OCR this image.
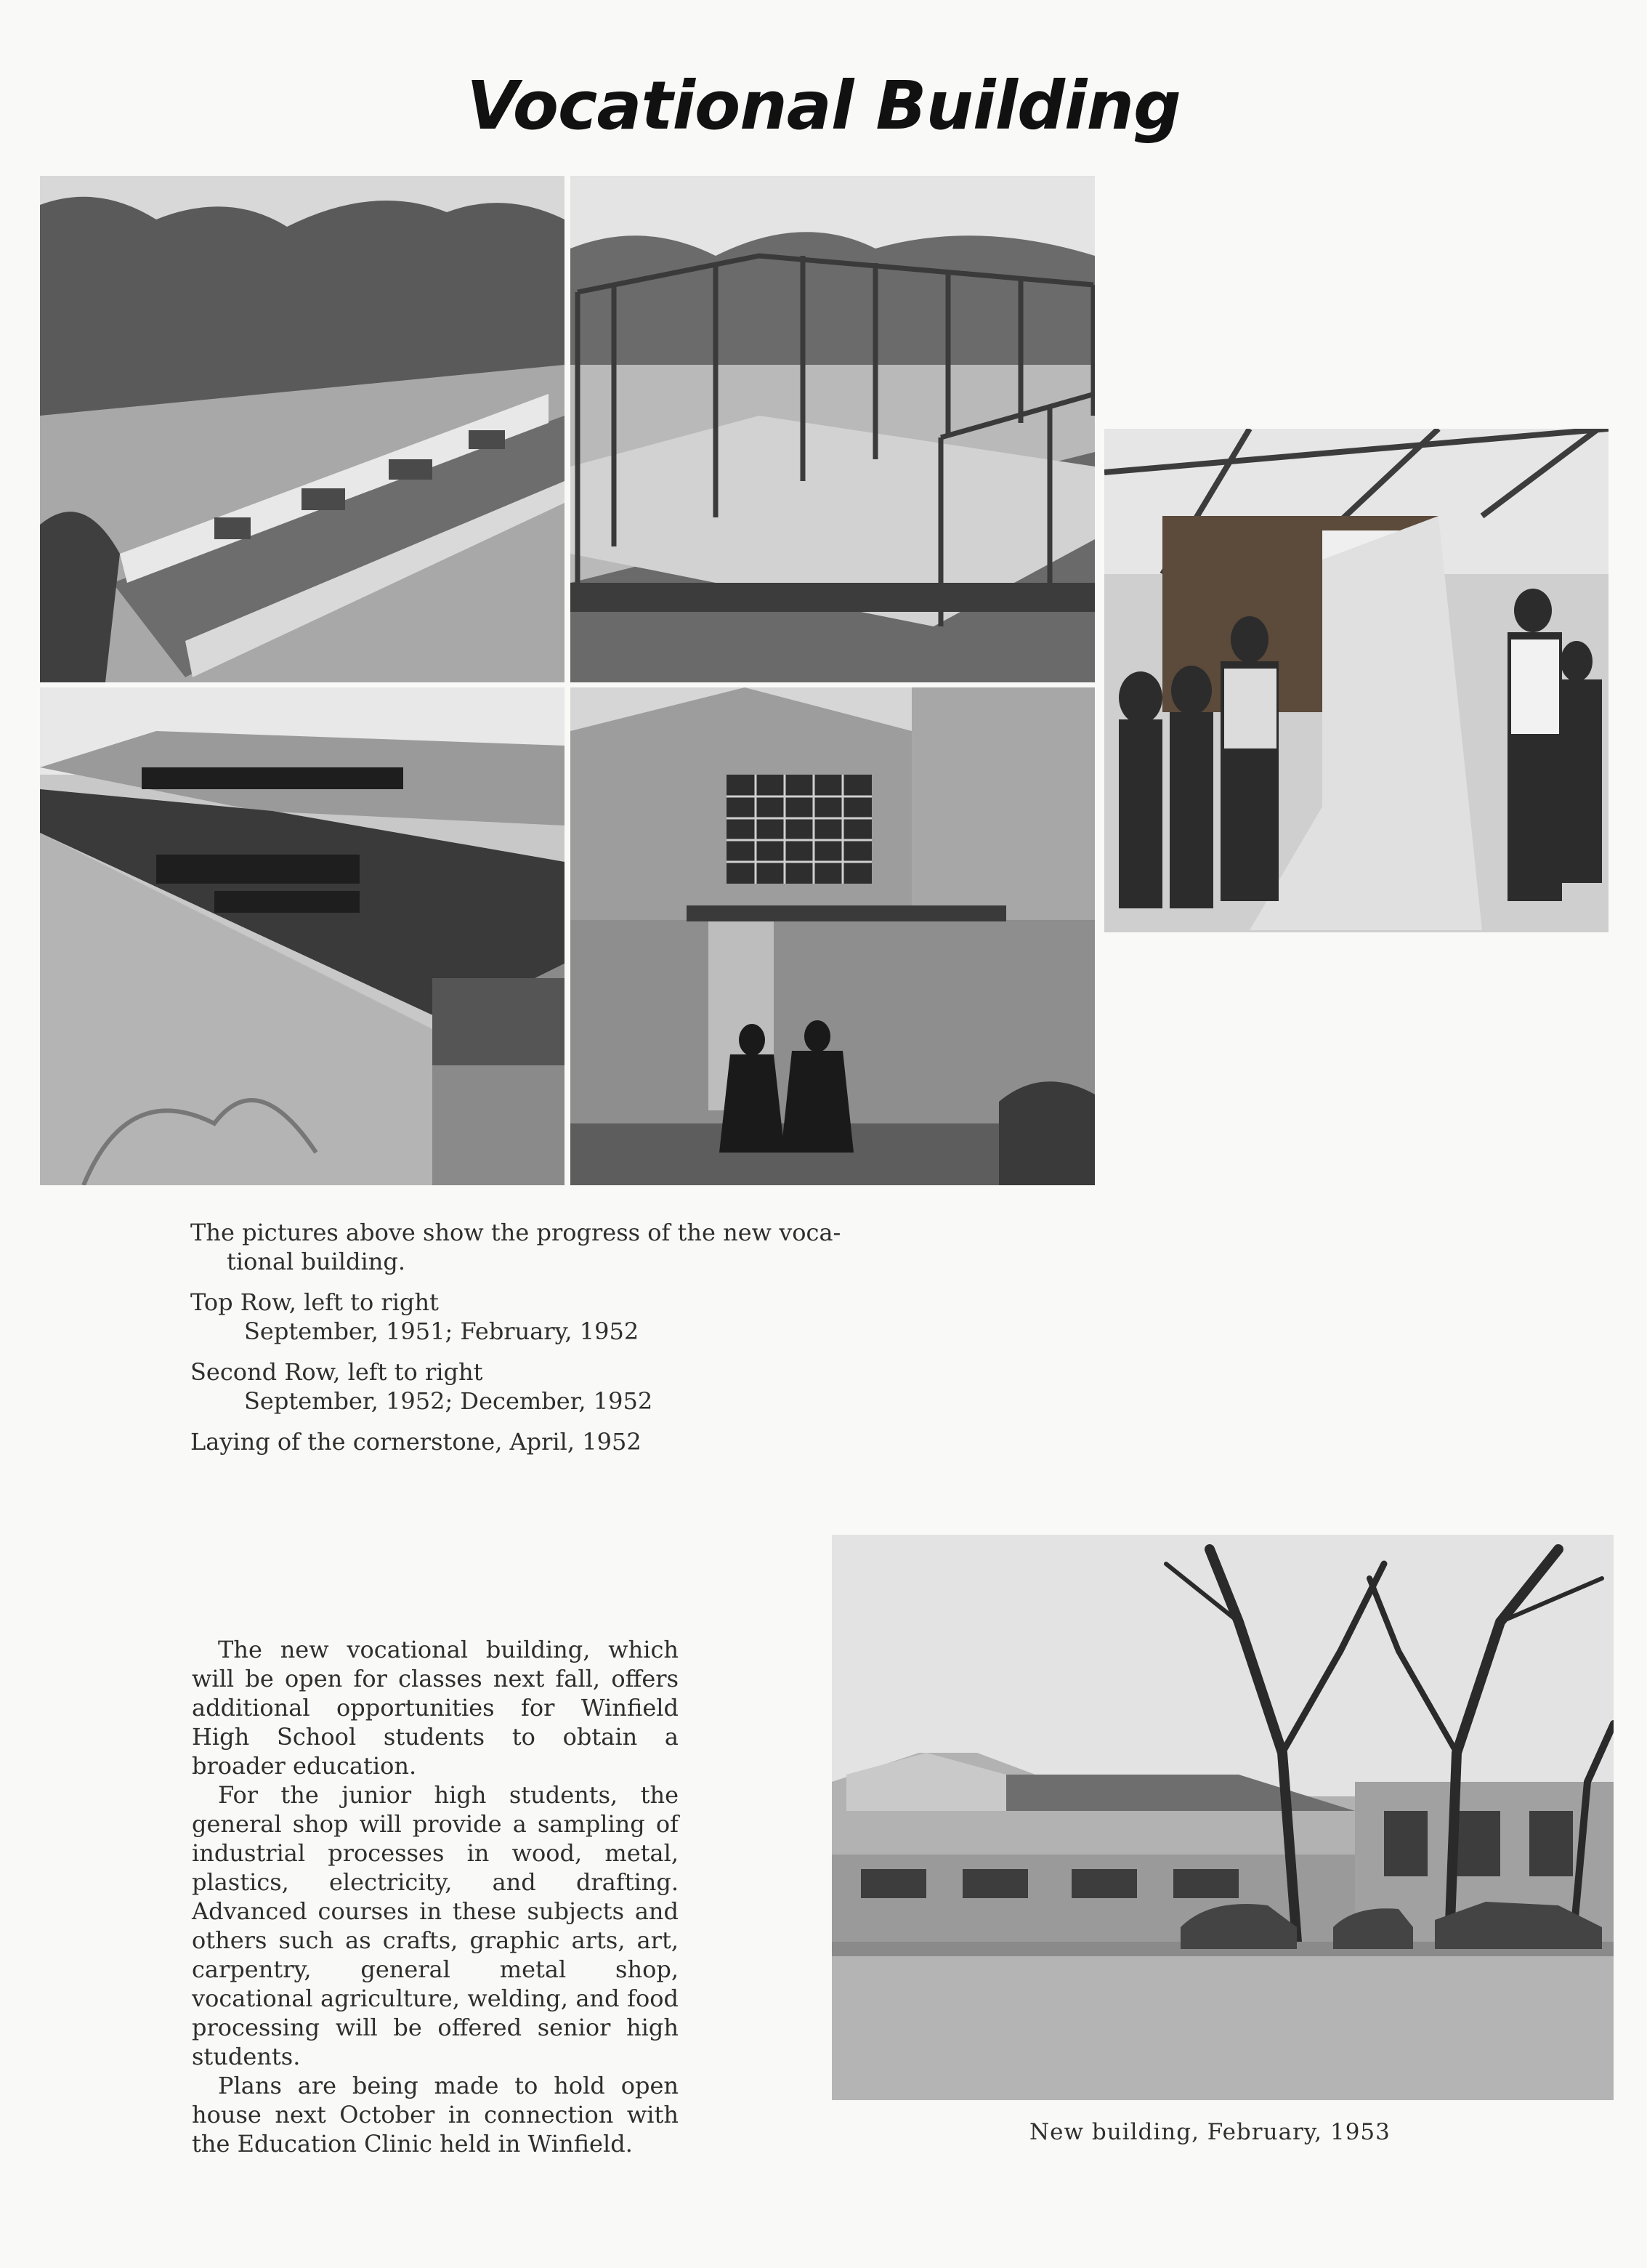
Vocational Building

The pictures above show the progress of the new voca-

tional building.

Top Row, left to right

September, 1951; February, 1952

Second Row, left to right

September, 1952; December, 1952

Laying of the cornerstone, April, 1952

The new vocational building, which will be open for classes next fall, offers additional opportunities for Winfield High School students to obtain a broader education.

For the junior high students, the general shop will provide a sampling of industrial processes in wood, metal, plastics, electricity, and drafting. Advanced courses in these subjects and others such as crafts, graphic arts, art, carpentry, general metal shop, vocational agriculture, welding, and food processing will be offered senior high students.

Plans are being made to hold open house next October in connection with the Education Clinic held in Winfield.	New building, February, 1953
